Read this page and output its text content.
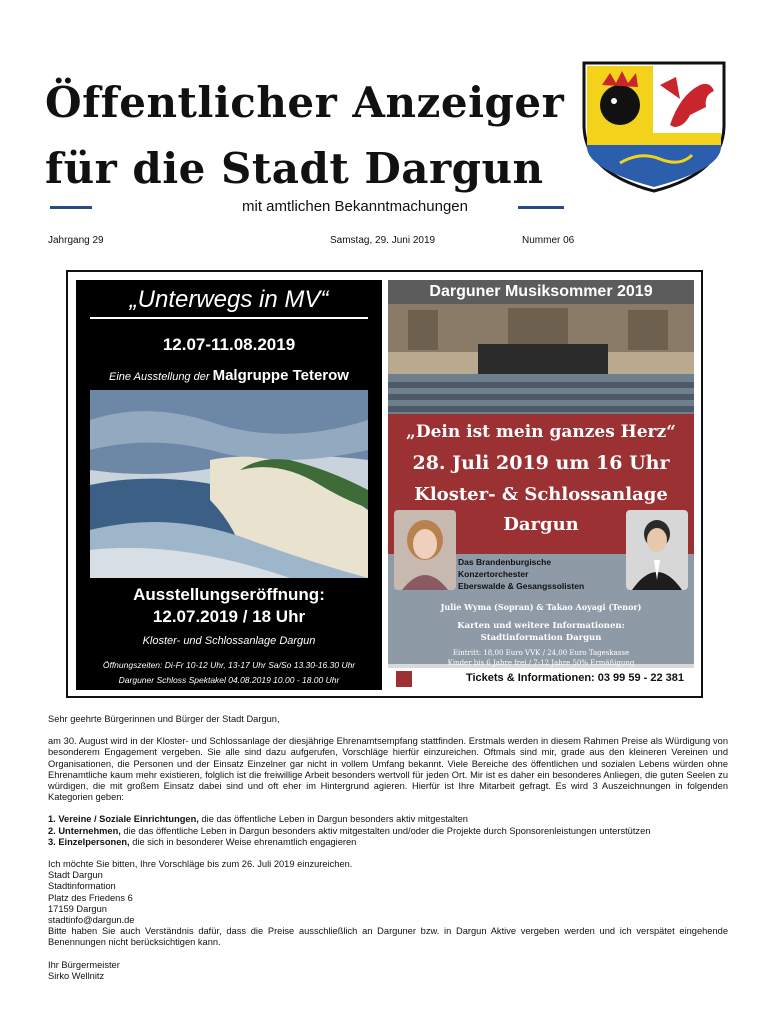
Öffentlicher Anzeiger
für die Stadt Dargun
mit amtlichen Bekanntmachungen
Jahrgang 29	Samstag, 29. Juni 2019	Nummer 06
„Unterwegs in MV“
12.07-11.08.2019
Eine Ausstellung der Malgruppe Teterow
Ausstellungseröffnung:
12.07.2019 / 18 Uhr
Kloster- und Schlossanlage Dargun
Öffnungszeiten: Di-Fr 10-12 Uhr, 13-17 Uhr Sa/So 13.30-16.30 Uhr
Darguner Schloss Spektakel 04.08.2019 10.00 - 18.00 Uhr
Darguner Musiksommer 2019
„Dein ist mein ganzes Herz“
28. Juli 2019 um 16 Uhr
Kloster- & Schlossanlage
Dargun
Das Brandenburgische
Konzertorchester
Eberswalde & Gesangssolisten
Julie Wyma (Sopran) & Takao Aoyagi (Tenor)
Karten und weitere Informationen:
Stadtinformation Dargun
Eintritt: 18,00 Euro VVK / 24,00 Euro Tageskasse
Kinder bis 6 Jahre frei / 7-12 Jahre 50% Ermäßigung
Tickets & Informationen: 03 99 59 - 22 381

Sehr geehrte Bürgerinnen und Bürger der Stadt Dargun,

am 30. August wird in der Kloster- und Schlossanlage der diesjährige Ehrenamtsempfang stattfinden. Erstmals werden in diesem Rahmen Preise als Würdigung von besonderem Engagement vergeben. Sie alle sind dazu aufgerufen, Vorschläge hierfür einzureichen. Oftmals sind mir, grade aus den kleineren Vereinen und Organisationen, die Personen und der Einsatz Einzelner gar nicht in vollem Umfang bekannt. Viele Bereiche des öffentlichen und sozialen Lebens würden ohne Ehrenamtliche kaum mehr existieren, folglich ist die freiwillige Arbeit besonders wertvoll für jeden Ort. Mir ist es daher ein besonderes Anliegen, die guten Seelen zu würdigen, die mit großem Einsatz dabei sind und oft eher im Hintergrund agieren. Hierfür ist Ihre Mitarbeit gefragt. Es wird 3 Auszeichnungen in folgenden Kategorien geben:

1. Vereine / Soziale Einrichtungen, die das öffentliche Leben in Dargun besonders aktiv mitgestalten

2. Unternehmen, die das öffentliche Leben in Dargun besonders aktiv mitgestalten und/oder die Projekte durch Sponsorenleistungen unterstützen

3. Einzelpersonen, die sich in besonderer Weise ehrenamtlich engagieren

Ich möchte Sie bitten, Ihre Vorschläge bis zum 26. Juli 2019 einzureichen.

Stadt Dargun

Stadtinformation

Platz des Friedens 6

17159 Dargun

stadtinfo@dargun.de

Bitte haben Sie auch Verständnis dafür, dass die Preise ausschließlich an Darguner bzw. in Dargun Aktive vergeben werden und ich verspätet eingehende Benennungen nicht berücksichtigen kann.

Ihr Bürgermeister

Sirko Wellnitz
